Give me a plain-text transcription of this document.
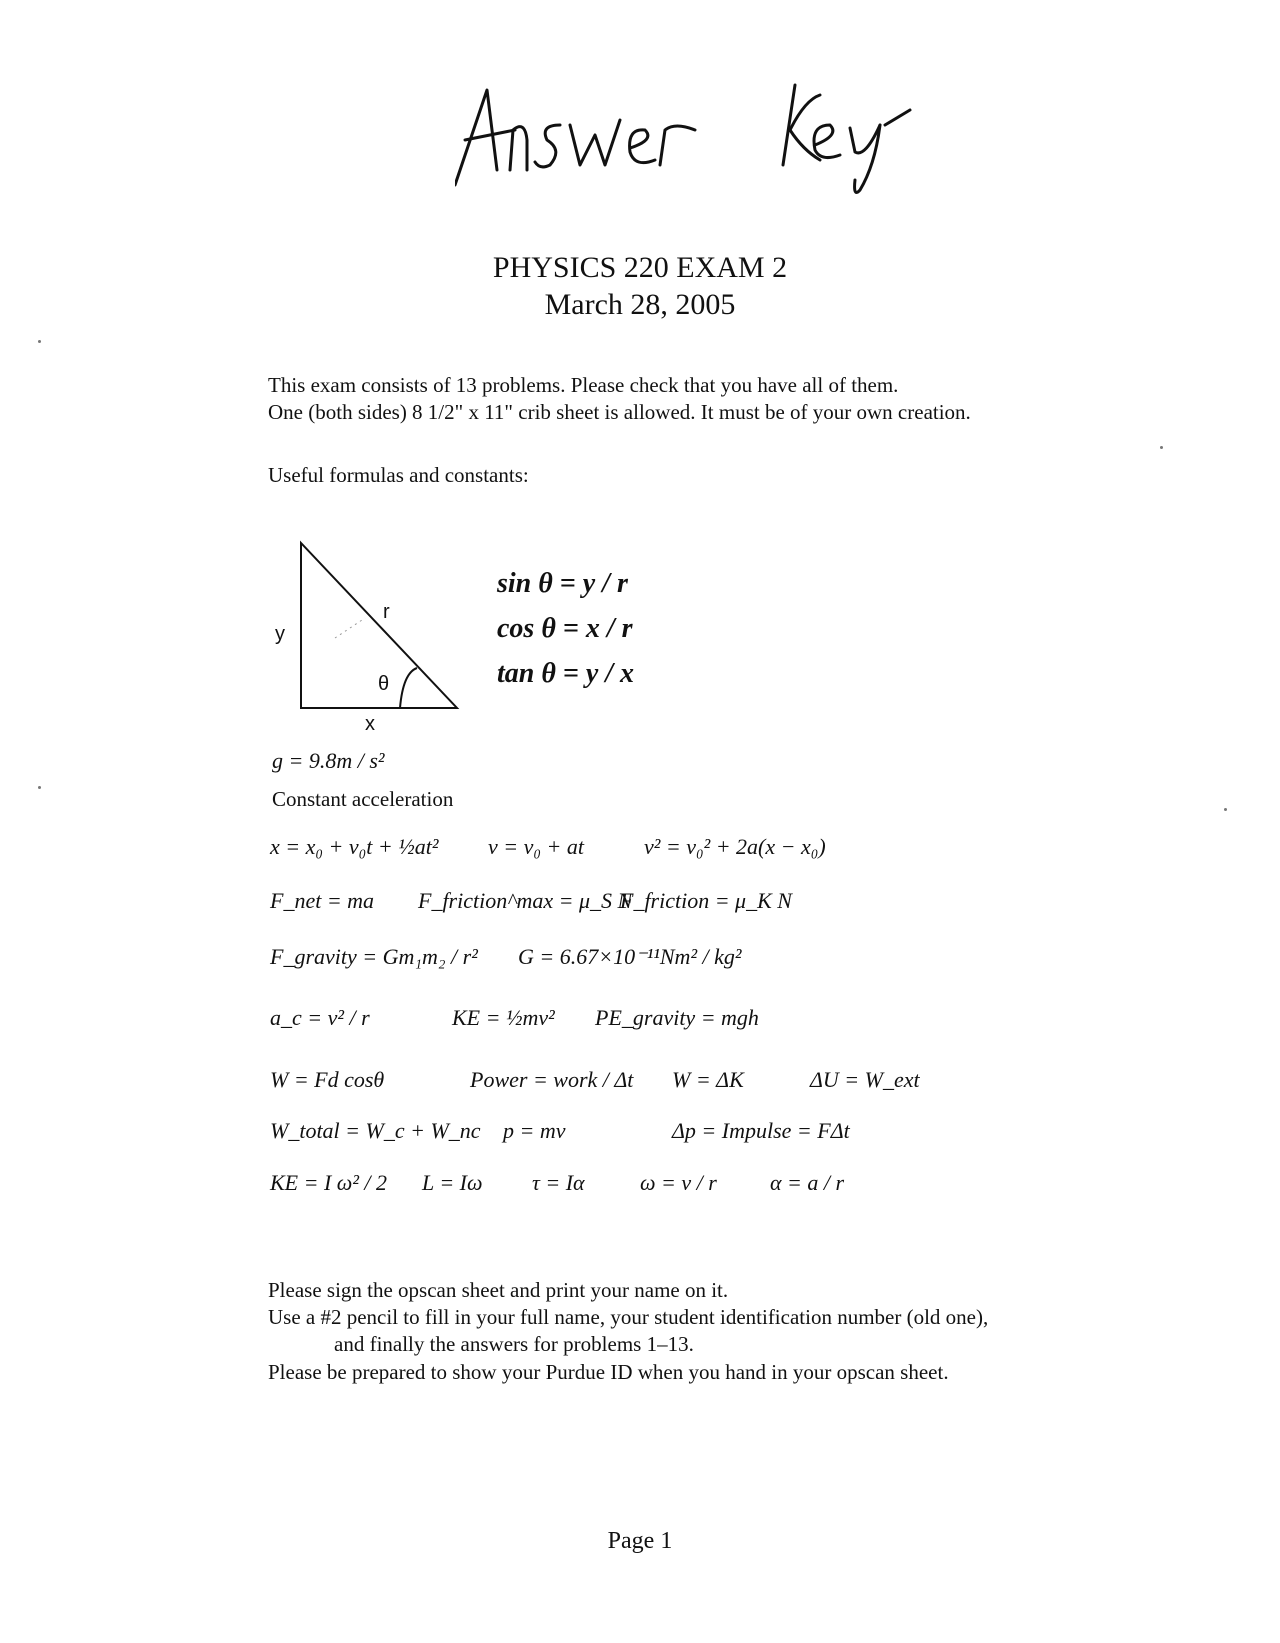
PHYSICS 220 EXAM 2
March 28, 2005
This exam consists of 13 problems. Please check that you have all of them.
One (both sides) 8 1/2" x 11" crib sheet is allowed. It must be of your own creation.
Useful formulas and constants:
y
r
θ
x
sin θ = y / r
cos θ = x / r
tan θ = y / x
g = 9.8m / s²
Constant acceleration
x = x₀ + v₀t + ½at² v = v₀ + at	v² = v₀² + 2a(x − x₀)
F_net = ma F_friction^max = μ_S N
F_friction = μ_K N
F_gravity = Gm₁m₂ / r² G = 6.67×10⁻¹¹Nm² / kg²
a_c = v² / r	KE = ½mv² PE_gravity = mgh
W = Fd cosθ	Power = work / Δt W = ΔK	ΔU = W_ext
W_total = W_c + W_nc p = mv	Δp = Impulse = FΔt
KE = I ω² / 2 L = Iω τ = Iα	ω = v / r α = a / r
Please sign the opscan sheet and print your name on it.
Use a #2 pencil to fill in your full name, your student identification number (old one),
and finally the answers for problems 1–13.
Please be prepared to show your Purdue ID when you hand in your opscan sheet.
Page 1
